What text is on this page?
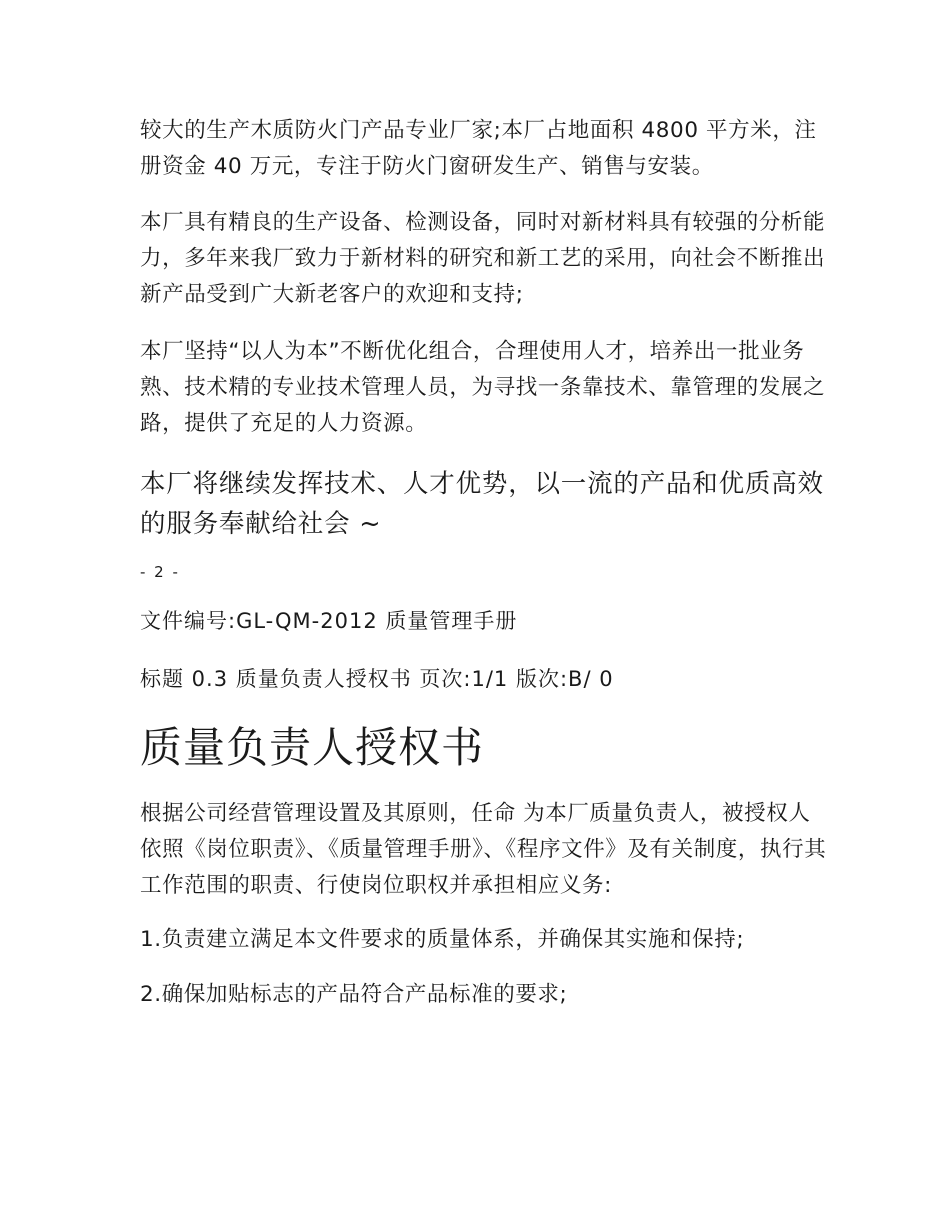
较大的生产木质防火门产品专业厂家;本厂占地面积 4800 平方米，注册资金 40 万元，专注于防火门窗研发生产、销售与安装。

本厂具有精良的生产设备、检测设备，同时对新材料具有较强的分析能力，多年来我厂致力于新材料的研究和新工艺的采用，向社会不断推出新产品受到广大新老客户的欢迎和支持;

本厂坚持“以人为本”不断优化组合，合理使用人才，培养出一批业务熟、技术精的专业技术管理人员，为寻找一条靠技术、靠管理的发展之路，提供了充足的人力资源。

本厂将继续发挥技术、人才优势，以一流的产品和优质高效的服务奉献给社会 ~

- 2 -

文件编号:GL-QM-2012 质量管理手册

标题 0.3 质量负责人授权书 页次:1/1 版次:B/ 0

质量负责人授权书

根据公司经营管理设置及其原则，任命 为本厂质量负责人，被授权人依照《岗位职责》、《质量管理手册》、《程序文件》及有关制度，执行其工作范围的职责、行使岗位职权并承担相应义务:

1.负责建立满足本文件要求的质量体系，并确保其实施和保持;

2.确保加贴标志的产品符合产品标准的要求;
